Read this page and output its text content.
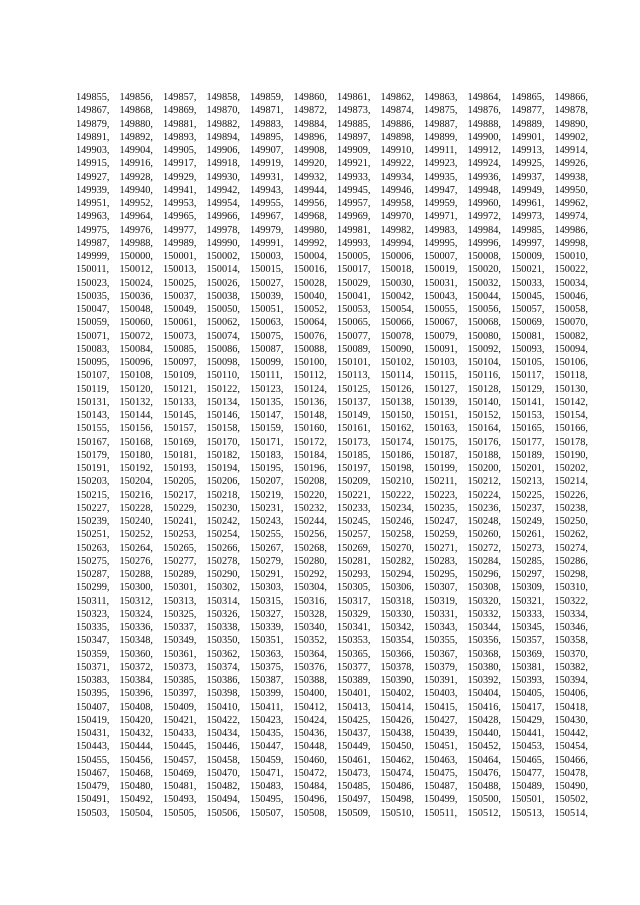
149855, 149856, 149857, 149858, 149859, 149860, 149861, 149862, 149863, 149864, 149865, 149866,
149867, 149868, 149869, 149870, 149871, 149872, 149873, 149874, 149875, 149876, 149877, 149878,
149879, 149880, 149881, 149882, 149883, 149884, 149885, 149886, 149887, 149888, 149889, 149890,
149891, 149892, 149893, 149894, 149895, 149896, 149897, 149898, 149899, 149900, 149901, 149902,
149903, 149904, 149905, 149906, 149907, 149908, 149909, 149910, 149911,	149912, 149913, 149914,
149915, 149916, 149917, 149918, 149919, 149920, 149921, 149922, 149923, 149924, 149925, 149926,
149927, 149928, 149929, 149930, 149931, 149932, 149933, 149934, 149935, 149936, 149937, 149938,
149939, 149940, 149941, 149942, 149943, 149944, 149945, 149946, 149947, 149948, 149949, 149950,
149951, 149952, 149953, 149954, 149955, 149956, 149957, 149958, 149959, 149960, 149961, 149962,
149963, 149964, 149965, 149966, 149967, 149968, 149969, 149970, 149971, 149972, 149973, 149974,
149975, 149976, 149977, 149978, 149979, 149980, 149981, 149982, 149983, 149984, 149985, 149986,
149987, 149988, 149989, 149990, 149991, 149992, 149993, 149994, 149995, 149996, 149997, 149998,
149999, 150000, 150001, 150002, 150003, 150004, 150005, 150006, 150007, 150008, 150009, 150010,
150011,	150012, 150013, 150014, 150015, 150016, 150017, 150018, 150019, 150020, 150021, 150022,
150023, 150024, 150025, 150026, 150027, 150028, 150029, 150030, 150031, 150032, 150033, 150034,
150035, 150036, 150037, 150038, 150039, 150040, 150041, 150042, 150043, 150044, 150045, 150046,
150047, 150048, 150049, 150050, 150051, 150052, 150053, 150054, 150055, 150056, 150057, 150058,
150059, 150060, 150061, 150062, 150063, 150064, 150065, 150066, 150067, 150068, 150069, 150070,
150071, 150072, 150073, 150074, 150075, 150076, 150077, 150078, 150079, 150080, 150081, 150082,
150083, 150084, 150085, 150086, 150087, 150088, 150089, 150090, 150091, 150092, 150093, 150094,
150095, 150096, 150097, 150098, 150099, 150100, 150101, 150102, 150103, 150104, 150105, 150106,
150107, 150108, 150109, 150110,	150111,	150112,	150113,	150114,	150115,	150116,	150117,	150118,
150119,	150120, 150121, 150122, 150123, 150124, 150125, 150126, 150127, 150128, 150129, 150130,
150131, 150132, 150133, 150134, 150135, 150136, 150137, 150138, 150139, 150140, 150141, 150142,
150143, 150144, 150145, 150146, 150147, 150148, 150149, 150150, 150151, 150152, 150153, 150154,
150155, 150156, 150157, 150158, 150159, 150160, 150161, 150162, 150163, 150164, 150165, 150166,
150167, 150168, 150169, 150170, 150171, 150172, 150173, 150174, 150175, 150176, 150177, 150178,
150179, 150180, 150181, 150182, 150183, 150184, 150185, 150186, 150187, 150188, 150189, 150190,
150191, 150192, 150193, 150194, 150195, 150196, 150197, 150198, 150199, 150200, 150201, 150202,
150203, 150204, 150205, 150206, 150207, 150208, 150209, 150210, 150211,	150212, 150213, 150214,
150215, 150216, 150217, 150218, 150219, 150220, 150221, 150222, 150223, 150224, 150225, 150226,
150227, 150228, 150229, 150230, 150231, 150232, 150233, 150234, 150235, 150236, 150237, 150238,
150239, 150240, 150241, 150242, 150243, 150244, 150245, 150246, 150247, 150248, 150249, 150250,
150251, 150252, 150253, 150254, 150255, 150256, 150257, 150258, 150259, 150260, 150261, 150262,
150263, 150264, 150265, 150266, 150267, 150268, 150269, 150270, 150271, 150272, 150273, 150274,
150275, 150276, 150277, 150278, 150279, 150280, 150281, 150282, 150283, 150284, 150285, 150286,
150287, 150288, 150289, 150290, 150291, 150292, 150293, 150294, 150295, 150296, 150297, 150298,
150299, 150300, 150301, 150302, 150303, 150304, 150305, 150306, 150307, 150308, 150309, 150310,
150311,	150312, 150313, 150314, 150315, 150316, 150317, 150318, 150319, 150320, 150321, 150322,
150323, 150324, 150325, 150326, 150327, 150328, 150329, 150330, 150331, 150332, 150333, 150334,
150335, 150336, 150337, 150338, 150339, 150340, 150341, 150342, 150343, 150344, 150345, 150346,
150347, 150348, 150349, 150350, 150351, 150352, 150353, 150354, 150355, 150356, 150357, 150358,
150359, 150360, 150361, 150362, 150363, 150364, 150365, 150366, 150367, 150368, 150369, 150370,
150371, 150372, 150373, 150374, 150375, 150376, 150377, 150378, 150379, 150380, 150381, 150382,
150383, 150384, 150385, 150386, 150387, 150388, 150389, 150390, 150391, 150392, 150393, 150394,
150395, 150396, 150397, 150398, 150399, 150400, 150401, 150402, 150403, 150404, 150405, 150406,
150407, 150408, 150409, 150410, 150411,	150412, 150413, 150414, 150415, 150416, 150417, 150418,
150419, 150420, 150421, 150422, 150423, 150424, 150425, 150426, 150427, 150428, 150429, 150430,
150431, 150432, 150433, 150434, 150435, 150436, 150437, 150438, 150439, 150440, 150441, 150442,
150443, 150444, 150445, 150446, 150447, 150448, 150449, 150450, 150451, 150452, 150453, 150454,
150455, 150456, 150457, 150458, 150459, 150460, 150461, 150462, 150463, 150464, 150465, 150466,
150467, 150468, 150469, 150470, 150471, 150472, 150473, 150474, 150475, 150476, 150477, 150478,
150479, 150480, 150481, 150482, 150483, 150484, 150485, 150486, 150487, 150488, 150489, 150490,
150491, 150492, 150493, 150494, 150495, 150496, 150497, 150498, 150499, 150500, 150501, 150502,
150503, 150504, 150505, 150506, 150507, 150508, 150509, 150510, 150511,	150512, 150513, 150514,
